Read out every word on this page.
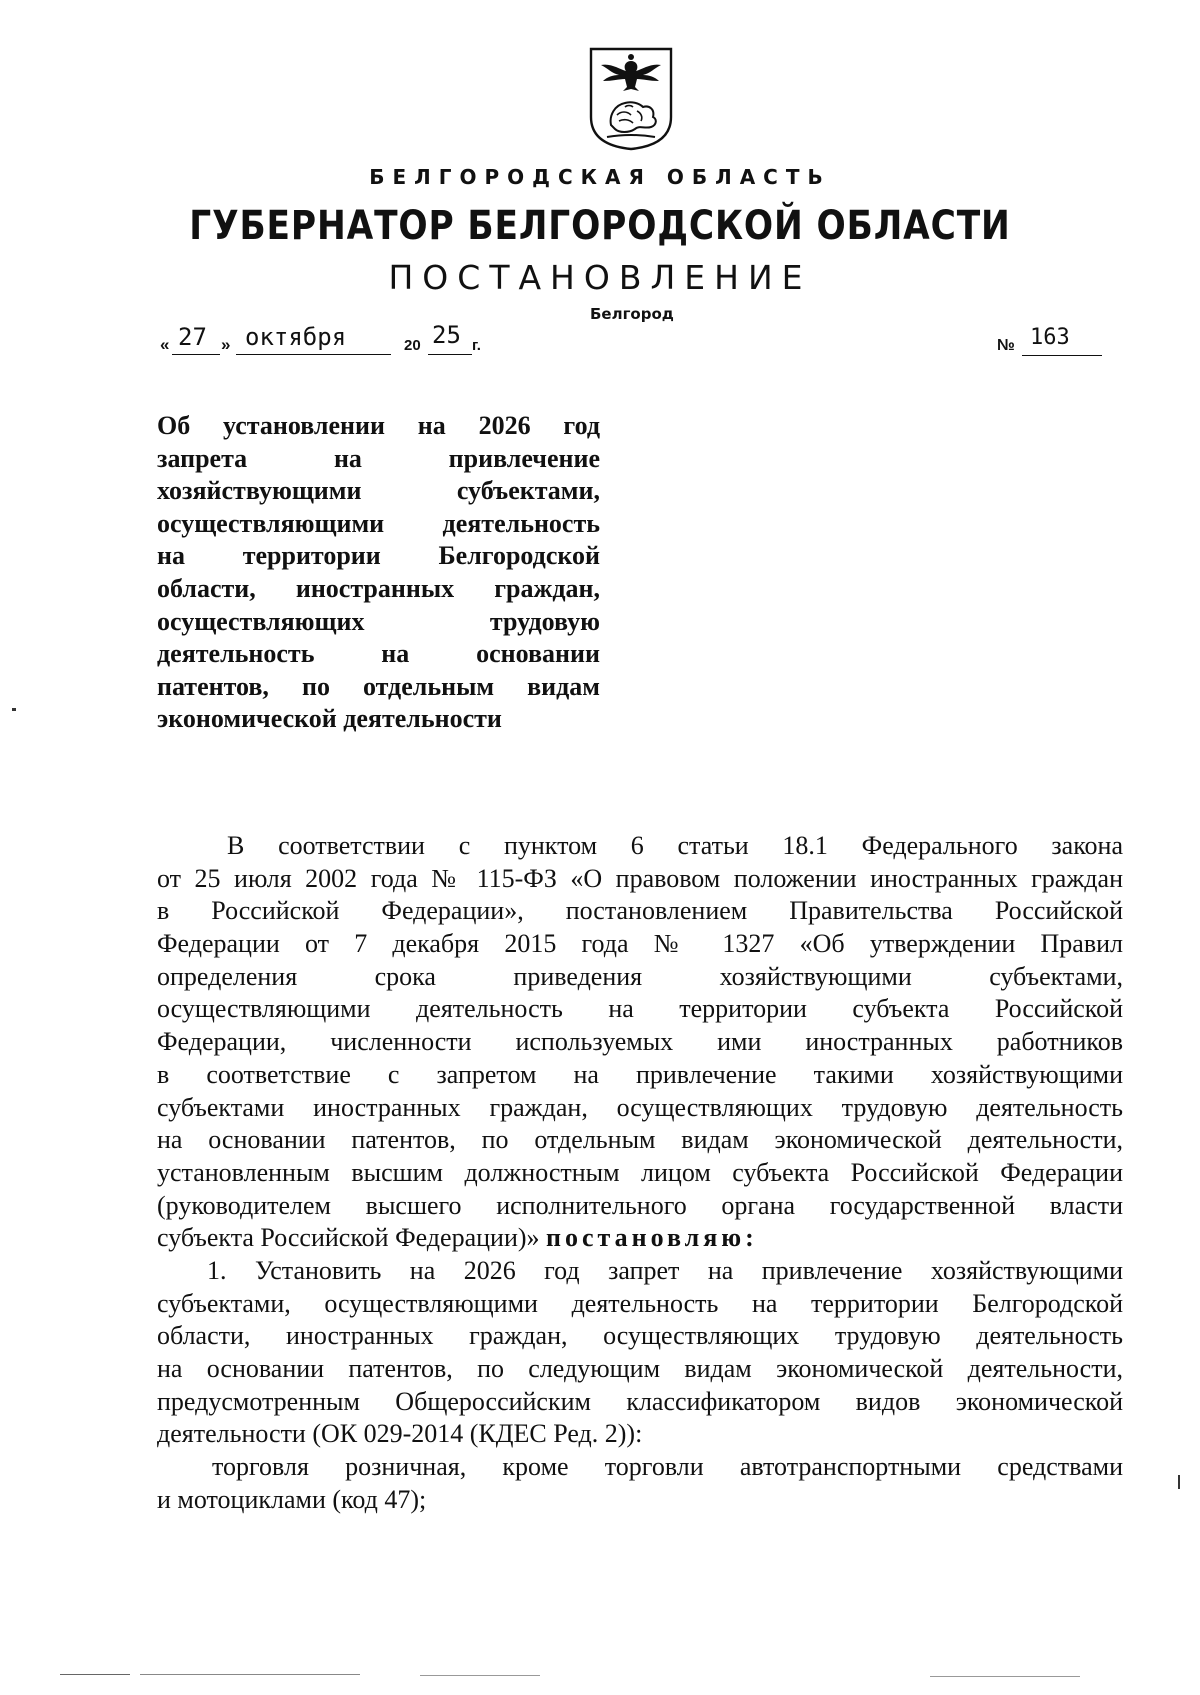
БЕЛГОРОДСКАЯ ОБЛАСТЬ
ГУБЕРНАТОР БЕЛГОРОДСКОЙ ОБЛАСТИ
ПОСТАНОВЛЕНИЕ
Белгород
« 27 » октября	20 25 г.	№ 163
Об установлении на 2026 год
запрета на привлечение
хозяйствующими субъектами,
осуществляющими деятельность
на территории Белгородской
области, иностранных граждан,
осуществляющих трудовую
деятельность на основании
патентов, по отдельным видам
экономической деятельности
В соответствии с пунктом 6 статьи 18.1 Федерального закона
от 25 июля 2002 года № 115-ФЗ «О правовом положении иностранных граждан
в Российской Федерации», постановлением Правительства Российской
Федерации от 7 декабря 2015 года № 1327 «Об утверждении Правил
определения срока приведения хозяйствующими субъектами,
осуществляющими деятельность на территории субъекта Российской
Федерации, численности используемых ими иностранных работников
в соответствие с запретом на привлечение такими хозяйствующими
субъектами иностранных граждан, осуществляющих трудовую деятельность
на основании патентов, по отдельным видам экономической деятельности,
установленным высшим должностным лицом субъекта Российской Федерации
(руководителем высшего исполнительного органа государственной власти
субъекта Российской Федерации)» постановляю:
1. Установить на 2026 год запрет на привлечение хозяйствующими
субъектами, осуществляющими деятельность на территории Белгородской
области, иностранных граждан, осуществляющих трудовую деятельность
на основании патентов, по следующим видам экономической деятельности,
предусмотренным Общероссийским классификатором видов экономической
деятельности (ОК 029-2014 (КДЕС Ред. 2)):
торговля розничная, кроме торговли автотранспортными средствами
и мотоциклами (код 47);
